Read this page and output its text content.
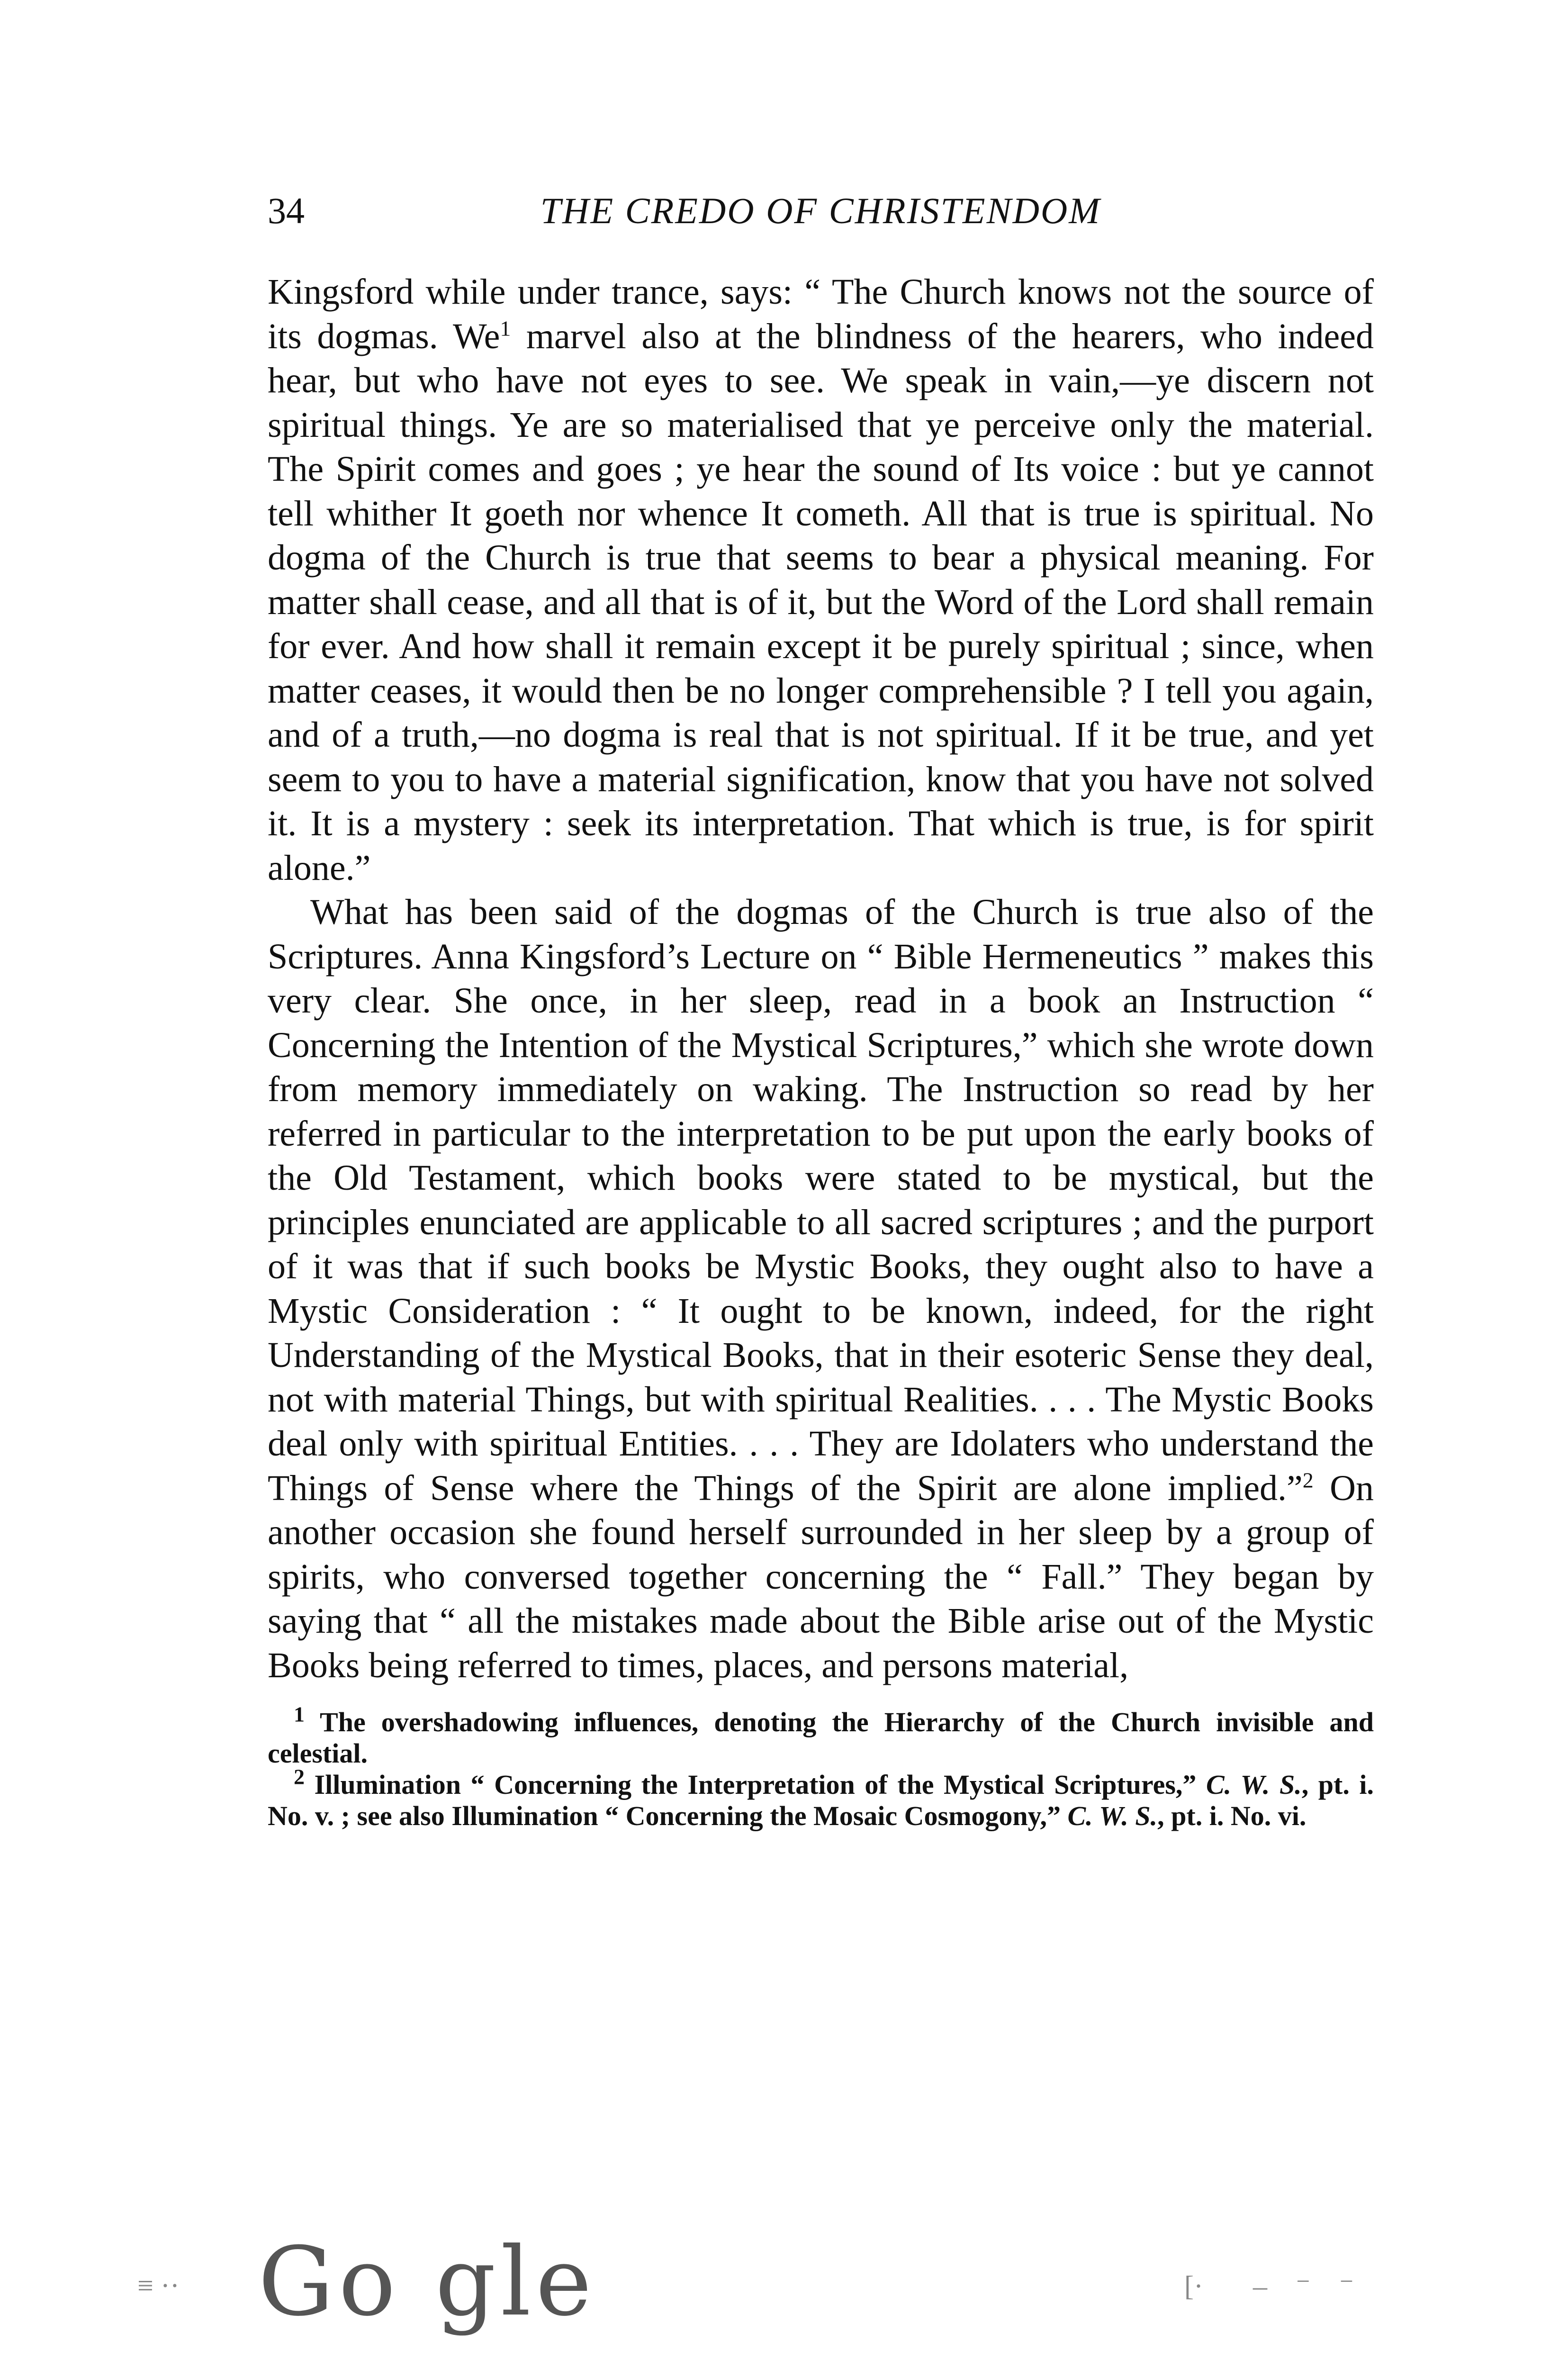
34	THE CREDO OF CHRISTENDOM

Kingsford while under trance, says: “ The Church knows not the source of its dogmas. We$^1$ marvel also at the blindness of the hearers, who indeed hear, but who have not eyes to see. We speak in vain,—ye discern not spiritual things. Ye are so materialised that ye perceive only the material. The Spirit comes and goes ; ye hear the sound of Its voice : but ye cannot tell whither It goeth nor whence It cometh. All that is true is spiritual. No dogma of the Church is true that seems to bear a physical meaning. For matter shall cease, and all that is of it, but the Word of the Lord shall remain for ever. And how shall it remain except it be purely spiritual ; since, when matter ceases, it would then be no longer comprehensible ? I tell you again, and of a truth,—no dogma is real that is not spiritual. If it be true, and yet seem to you to have a material signification, know that you have not solved it. It is a mystery : seek its interpretation. That which is true, is for spirit alone.”

What has been said of the dogmas of the Church is true also of the Scriptures. Anna Kingsford’s Lecture on “ Bible Hermeneutics ” makes this very clear. She once, in her sleep, read in a book an Instruction “ Concerning the Intention of the Mystical Scriptures,” which she wrote down from memory immediately on waking. The Instruction so read by her referred in particular to the interpretation to be put upon the early books of the Old Testament, which books were stated to be mystical, but the principles enunciated are applicable to all sacred scriptures ; and the purport of it was that if such books be Mystic Books, they ought also to have a Mystic Consideration : “ It ought to be known, indeed, for the right Understanding of the Mystical Books, that in their esoteric Sense they deal, not with material Things, but with spiritual Realities. . . . The Mystic Books deal only with spiritual Entities. . . . They are Idolaters who understand the Things of Sense where the Things of the Spirit are alone implied.”$^2$ On another occasion she found herself surrounded in her sleep by a group of spirits, who conversed together concerning the “ Fall.” They began by saying that “ all the mistakes made about the Bible arise out of the Mystic Books being referred to times, places, and persons material,

$^1$ The overshadowing influences, denoting the Hierarchy of the Church invisible and celestial.

$^2$ Illumination “ Concerning the Interpretation of the Mystical Scriptures,” C. W. S., pt. i. No. v. ; see also Illumination “ Concerning the Mosaic Cosmogony,” C. W. S., pt. i. No. vi.

Go gle
≡ ··	[·       –    ⁻    ⁻
